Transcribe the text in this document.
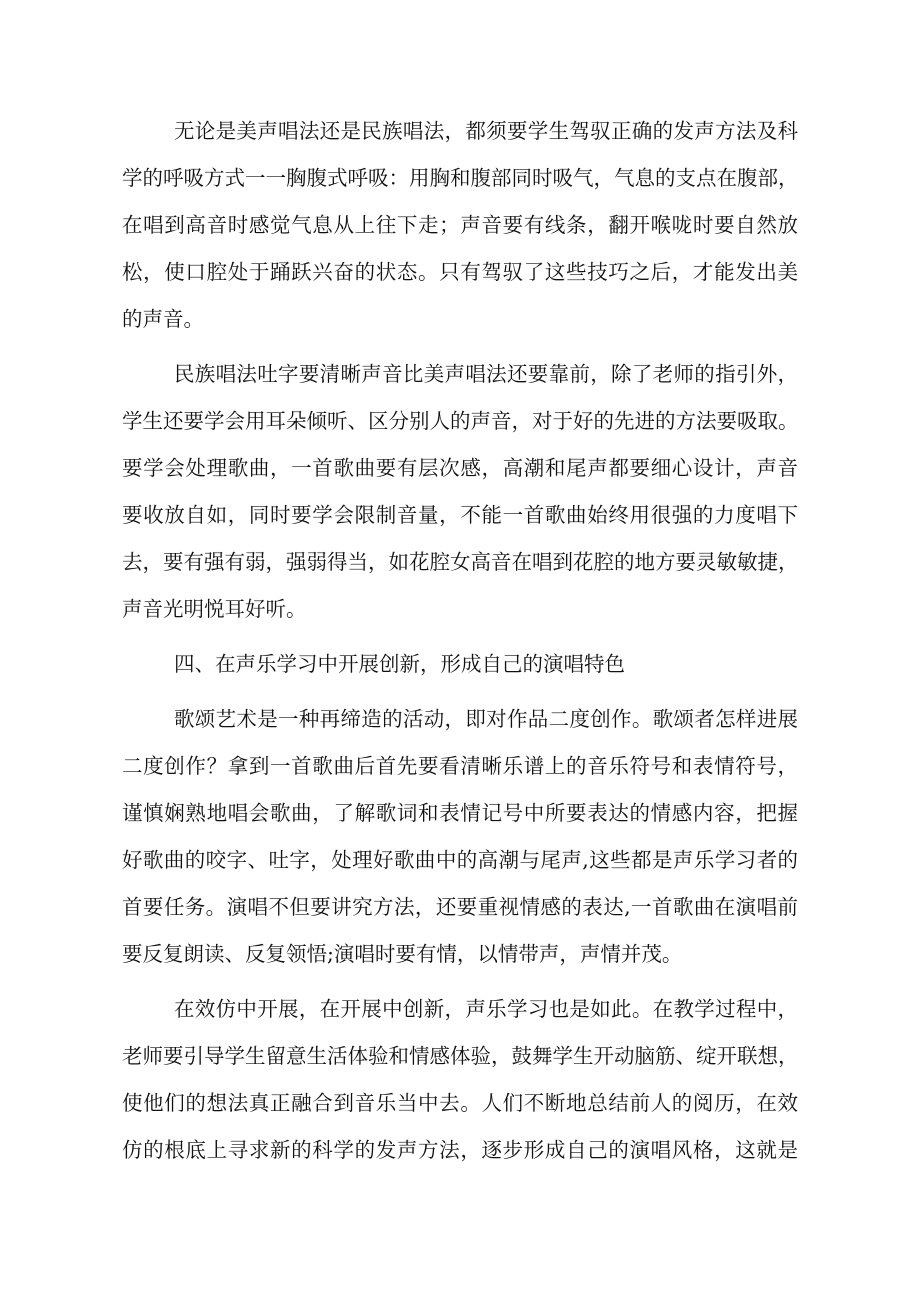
无论是美声唱法还是民族唱法，都须要学生驾驭正确的发声方法及科
学的呼吸方式一一胸腹式呼吸：用胸和腹部同时吸气，气息的支点在腹部，
在唱到高音时感觉气息从上往下走；声音要有线条，翻开喉咙时要自然放
松，使口腔处于踊跃兴奋的状态。只有驾驭了这些技巧之后，才能发出美
的声音。
民族唱法吐字要清晰声音比美声唱法还要靠前，除了老师的指引外，
学生还要学会用耳朵倾听、区分别人的声音，对于好的先进的方法要吸取。
要学会处理歌曲，一首歌曲要有层次感，高潮和尾声都要细心设计，声音
要收放自如，同时要学会限制音量，不能一首歌曲始终用很强的力度唱下
去，要有强有弱，强弱得当，如花腔女高音在唱到花腔的地方要灵敏敏捷，
声音光明悦耳好听。
四、在声乐学习中开展创新，形成自己的演唱特色
歌颂艺术是一种再缔造的活动，即对作品二度创作。歌颂者怎样进展
二度创作？拿到一首歌曲后首先要看清晰乐谱上的音乐符号和表情符号，
谨慎娴熟地唱会歌曲，了解歌词和表情记号中所要表达的情感内容，把握
好歌曲的咬字、吐字，处理好歌曲中的高潮与尾声,这些都是声乐学习者的
首要任务。演唱不但要讲究方法，还要重视情感的表达,一首歌曲在演唱前
要反复朗读、反复领悟;演唱时要有情，以情带声，声情并茂。
在效仿中开展，在开展中创新，声乐学习也是如此。在教学过程中，
老师要引导学生留意生活体验和情感体验，鼓舞学生开动脑筋、绽开联想，
使他们的想法真正融合到音乐当中去。人们不断地总结前人的阅历，在效
仿的根底上寻求新的科学的发声方法，逐步形成自己的演唱风格，这就是
